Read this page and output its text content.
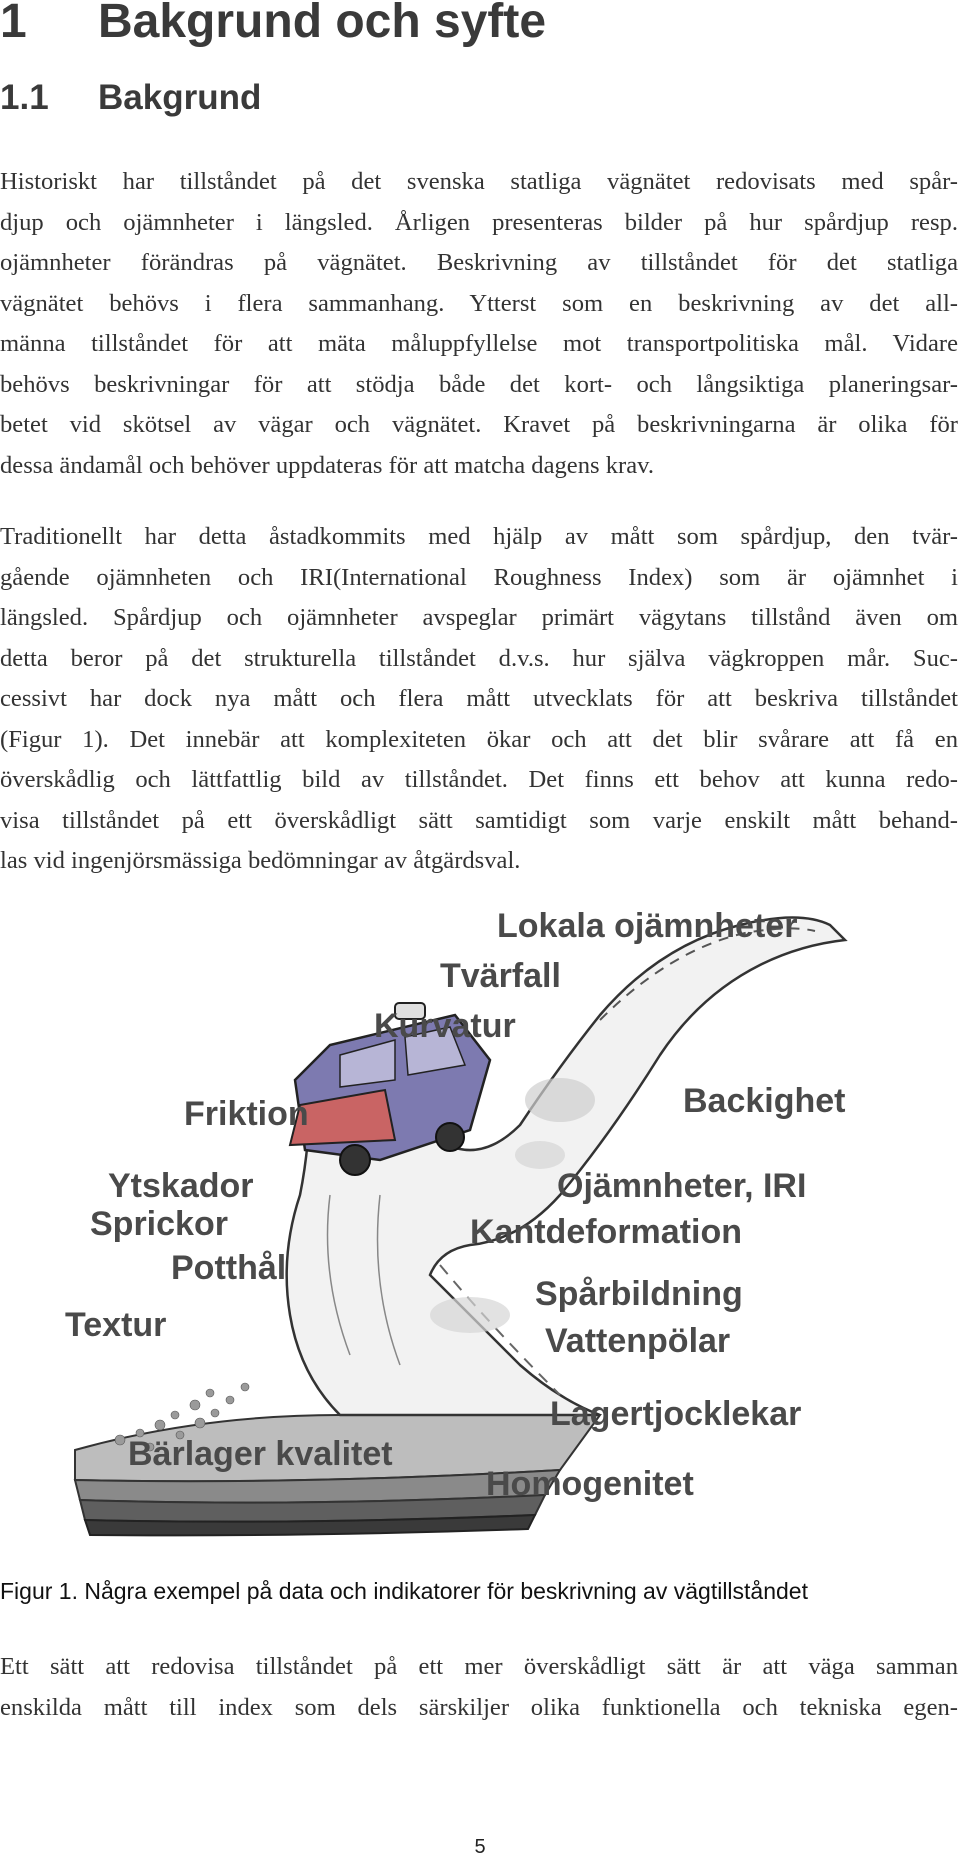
1 Bakgrund och syfte
1.1 Bakgrund
Historiskt har tillståndet på det svenska statliga vägnätet redovisats med spår-
djup och ojämnheter i längsled. Årligen presenteras bilder på hur spårdjup resp.
ojämnheter förändras på vägnätet. Beskrivning av tillståndet för det statliga
vägnätet behövs i flera sammanhang. Ytterst som en beskrivning av det all-
männa tillståndet för att mäta måluppfyllelse mot transportpolitiska mål. Vidare
behövs beskrivningar för att stödja både det kort- och långsiktiga planeringsar-
betet vid skötsel av vägar och vägnätet. Kravet på beskrivningarna är olika för
dessa ändamål och behöver uppdateras för att matcha dagens krav.
Traditionellt har detta åstadkommits med hjälp av mått som spårdjup, den tvär-
gående ojämnheten och IRI(International Roughness Index) som är ojämnhet i
längsled. Spårdjup och ojämnheter avspeglar primärt vägytans tillstånd även om
detta beror på det strukturella tillståndet d.v.s. hur själva vägkroppen mår. Suc-
cessivt har dock nya mått och flera mått utvecklats för att beskriva tillståndet
(Figur 1). Det innebär att komplexiteten ökar och att det blir svårare att få en
överskådlig och lättfattlig bild av tillståndet. Det finns ett behov att kunna redo-
visa tillståndet på ett överskådligt sätt samtidigt som varje enskilt mått behand-
las vid ingenjörsmässiga bedömningar av åtgärdsval.
Lokala ojämnheter
Tvärfall
Kurvatur
Friktion	Backighet
Ytskador
Sprickor
Potthål
Ojämnheter, IRI
Kantdeformation
Spårbildning
Textur	Vattenpölar
Lagertjocklekar
Bärlager kvalitet
Homogenitet
Figur 1. Några exempel på data och indikatorer för beskrivning av vägtillståndet
Ett sätt att redovisa tillståndet på ett mer överskådligt sätt är att väga samman
enskilda mått till index som dels särskiljer olika funktionella och tekniska egen-
5
